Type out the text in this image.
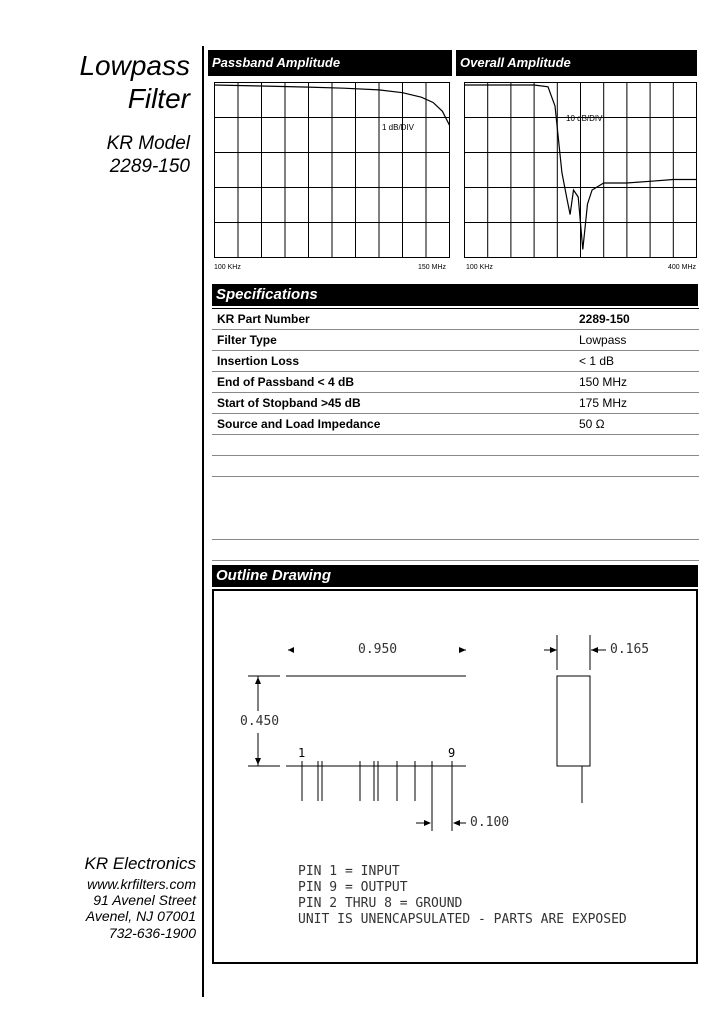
Lowpass
Filter
KR Model
2289-150
Passband Amplitude	Overall Amplitude
1 dB/DIV
100 KHz	150 MHz
10 dB/DIV
100 KHz	400 MHz
Specifications
KR Part Number	2289-150
Filter Type	Lowpass
Insertion Loss	< 1 dB
End of Passband < 4 dB	150 MHz
Start of Stopband >45 dB	175 MHz
Source and Load Impedance	50 Ω

Outline Drawing
0.950
0.450
0.165
0.100
1	9
PIN 1 = INPUT
PIN 9 = OUTPUT
PIN 2 THRU 8 = GROUND
UNIT IS UNENCAPSULATED - PARTS ARE EXPOSED
KR Electronics
www.krfilters.com
91 Avenel Street
Avenel, NJ 07001
732-636-1900
